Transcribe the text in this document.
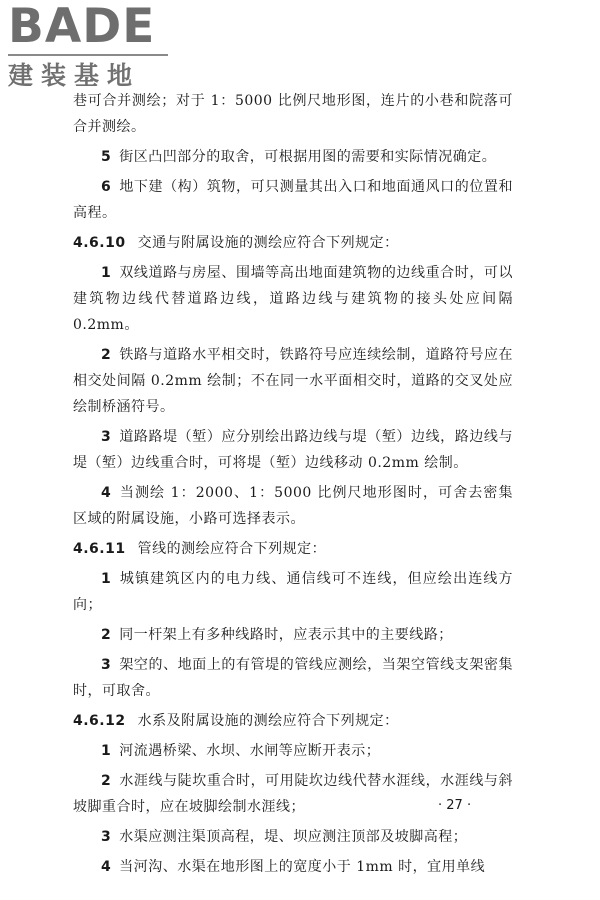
BADE
建装基地

巷可合并测绘；对于 1：5000 比例尺地形图，连片的小巷和院落可合并测绘。

5 街区凸凹部分的取舍，可根据用图的需要和实际情况确定。

6 地下建（构）筑物，可只测量其出入口和地面通风口的位置和高程。

4.6.10 交通与附属设施的测绘应符合下列规定：

1 双线道路与房屋、围墙等高出地面建筑物的边线重合时，可以建筑物边线代替道路边线，道路边线与建筑物的接头处应间隔 0.2mm。

2 铁路与道路水平相交时，铁路符号应连续绘制，道路符号应在相交处间隔 0.2mm 绘制；不在同一水平面相交时，道路的交叉处应绘制桥涵符号。

3 道路路堤（堑）应分别绘出路边线与堤（堑）边线，路边线与堤（堑）边线重合时，可将堤（堑）边线移动 0.2mm 绘制。

4 当测绘 1：2000、1：5000 比例尺地形图时，可舍去密集区域的附属设施，小路可选择表示。

4.6.11 管线的测绘应符合下列规定：

1 城镇建筑区内的电力线、通信线可不连线，但应绘出连线方向；

2 同一杆架上有多种线路时，应表示其中的主要线路；

3 架空的、地面上的有管堤的管线应测绘，当架空管线支架密集时，可取舍。

4.6.12 水系及附属设施的测绘应符合下列规定：

1 河流遇桥梁、水坝、水闸等应断开表示；

2 水涯线与陡坎重合时，可用陡坎边线代替水涯线，水涯线与斜坡脚重合时，应在坡脚绘制水涯线；

3 水渠应测注渠顶高程，堤、坝应测注顶部及坡脚高程；

4 当河沟、水渠在地形图上的宽度小于 1mm 时，宜用单线

· 27 ·
